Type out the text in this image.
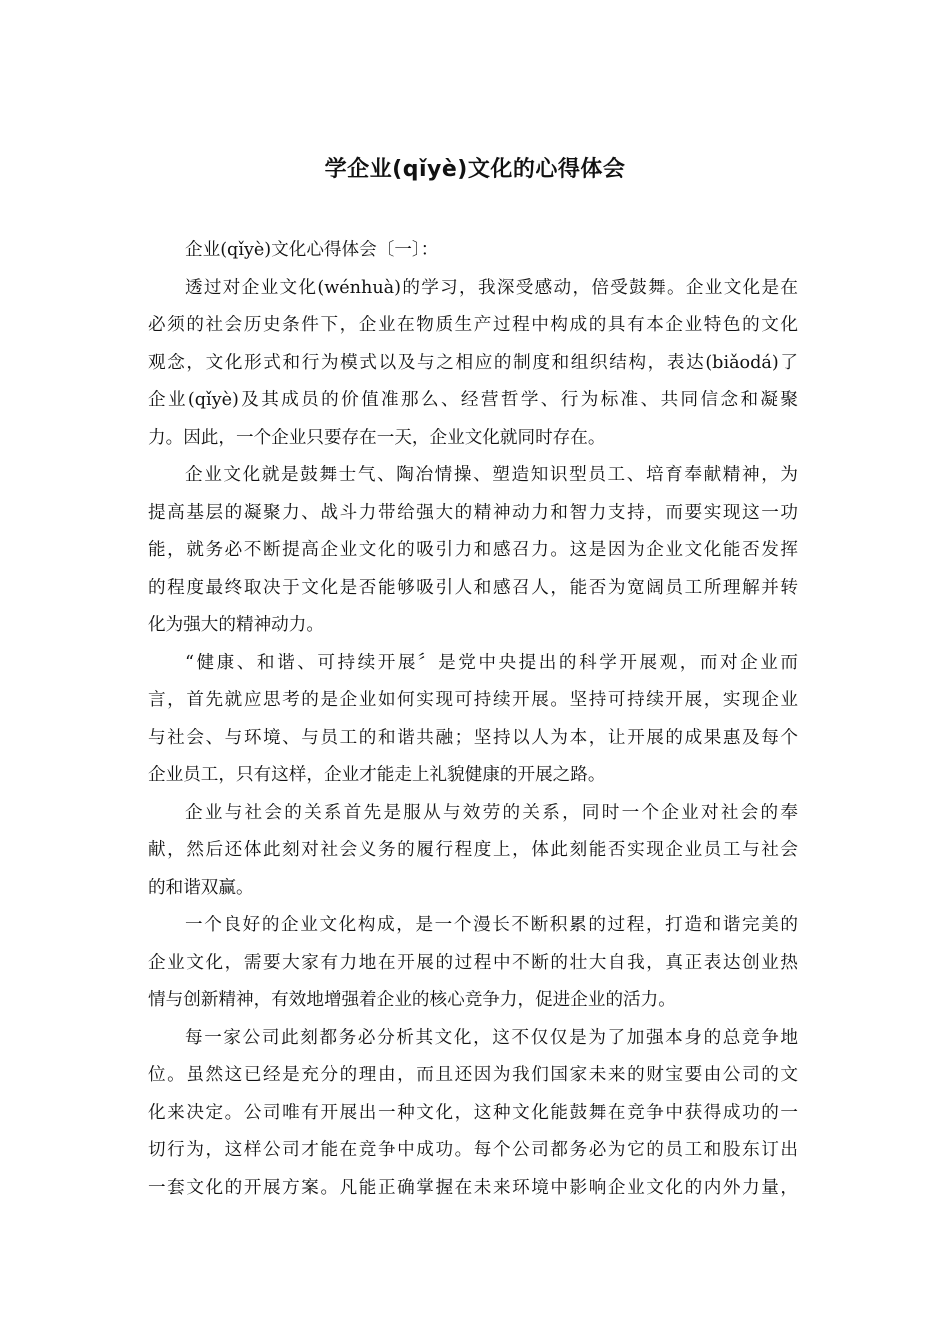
学企业(qǐyè)文化的心得体会
企业(qǐyè)文化心得体会〔一〕：
透过对企业文化(wénhuà)的学习，我深受感动，倍受鼓舞。企业文化是在
必须的社会历史条件下，企业在物质生产过程中构成的具有本企业特色的文化
观念，文化形式和行为模式以及与之相应的制度和组织结构，表达(biǎodá)了
企业(qǐyè)及其成员的价值准那么、经营哲学、行为标准、共同信念和凝聚
力。因此，一个企业只要存在一天，企业文化就同时存在。
企业文化就是鼓舞士气、陶冶情操、塑造知识型员工、培育奉献精神，为
提高基层的凝聚力、战斗力带给强大的精神动力和智力支持，而要实现这一功
能，就务必不断提高企业文化的吸引力和感召力。这是因为企业文化能否发挥
的程度最终取决于文化是否能够吸引人和感召人，能否为宽阔员工所理解并转
化为强大的精神动力。
“健康、和谐、可持续开展〞是党中央提出的科学开展观，而对企业而
言，首先就应思考的是企业如何实现可持续开展。坚持可持续开展，实现企业
与社会、与环境、与员工的和谐共融；坚持以人为本，让开展的成果惠及每个
企业员工，只有这样，企业才能走上礼貌健康的开展之路。
企业与社会的关系首先是服从与效劳的关系，同时一个企业对社会的奉
献，然后还体此刻对社会义务的履行程度上，体此刻能否实现企业员工与社会
的和谐双赢。
一个良好的企业文化构成，是一个漫长不断积累的过程，打造和谐完美的
企业文化，需要大家有力地在开展的过程中不断的壮大自我，真正表达创业热
情与创新精神，有效地增强着企业的核心竞争力，促进企业的活力。
每一家公司此刻都务必分析其文化，这不仅仅是为了加强本身的总竞争地
位。虽然这已经是充分的理由，而且还因为我们国家未来的财宝要由公司的文
化来决定。公司唯有开展出一种文化，这种文化能鼓舞在竞争中获得成功的一
切行为，这样公司才能在竞争中成功。每个公司都务必为它的员工和股东订出
一套文化的开展方案。凡能正确掌握在未来环境中影响企业文化的内外力量，
